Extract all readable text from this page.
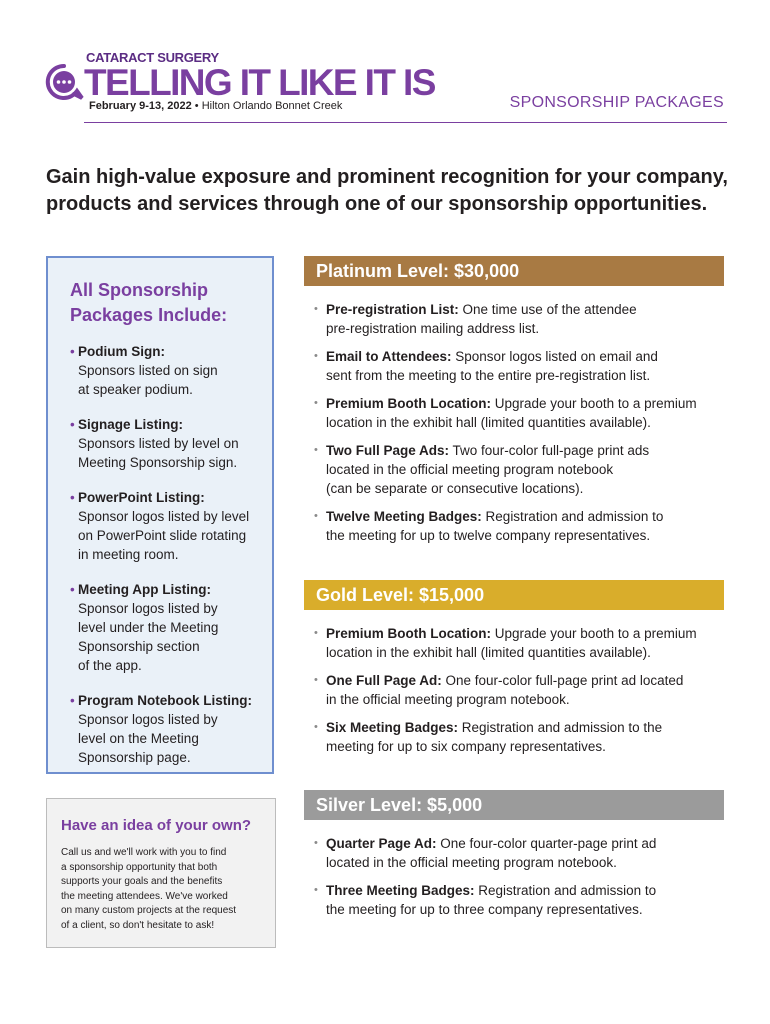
CATARACT SURGERY
TELLING IT LIKE IT IS
February 9-13, 2022 • Hilton Orlando Bonnet Creek	SPONSORSHIP PACKAGES
Gain high-value exposure and prominent recognition for your company,
products and services through one of our sponsorship opportunities.
All Sponsorship
Packages Include:
• Podium Sign:
Sponsors listed on sign
at speaker podium.
• Signage Listing:
Sponsors listed by level on
Meeting Sponsorship sign.
• PowerPoint Listing:
Sponsor logos listed by level
on PowerPoint slide rotating
in meeting room.
• Meeting App Listing:
Sponsor logos listed by
level under the Meeting
Sponsorship section
of the app.
• Program Notebook Listing:
Sponsor logos listed by
level on the Meeting
Sponsorship page.
Have an idea of your own?
Call us and we'll work with you to find
a sponsorship opportunity that both
supports your goals and the benefits
the meeting attendees. We've worked
on many custom projects at the request
of a client, so don't hesitate to ask!
Platinum Level: $30,000
• Pre-registration List: One time use of the attendee
pre-registration mailing address list.
• Email to Attendees: Sponsor logos listed on email and
sent from the meeting to the entire pre-registration list.
• Premium Booth Location: Upgrade your booth to a premium
location in the exhibit hall (limited quantities available).
• Two Full Page Ads: Two four-color full-page print ads
located in the official meeting program notebook
(can be separate or consecutive locations).
• Twelve Meeting Badges: Registration and admission to
the meeting for up to twelve company representatives.
Gold Level: $15,000
• Premium Booth Location: Upgrade your booth to a premium
location in the exhibit hall (limited quantities available).
• One Full Page Ad: One four-color full-page print ad located
in the official meeting program notebook.
• Six Meeting Badges: Registration and admission to the
meeting for up to six company representatives.
Silver Level: $5,000
• Quarter Page Ad: One four-color quarter-page print ad
located in the official meeting program notebook.
• Three Meeting Badges: Registration and admission to
the meeting for up to three company representatives.
